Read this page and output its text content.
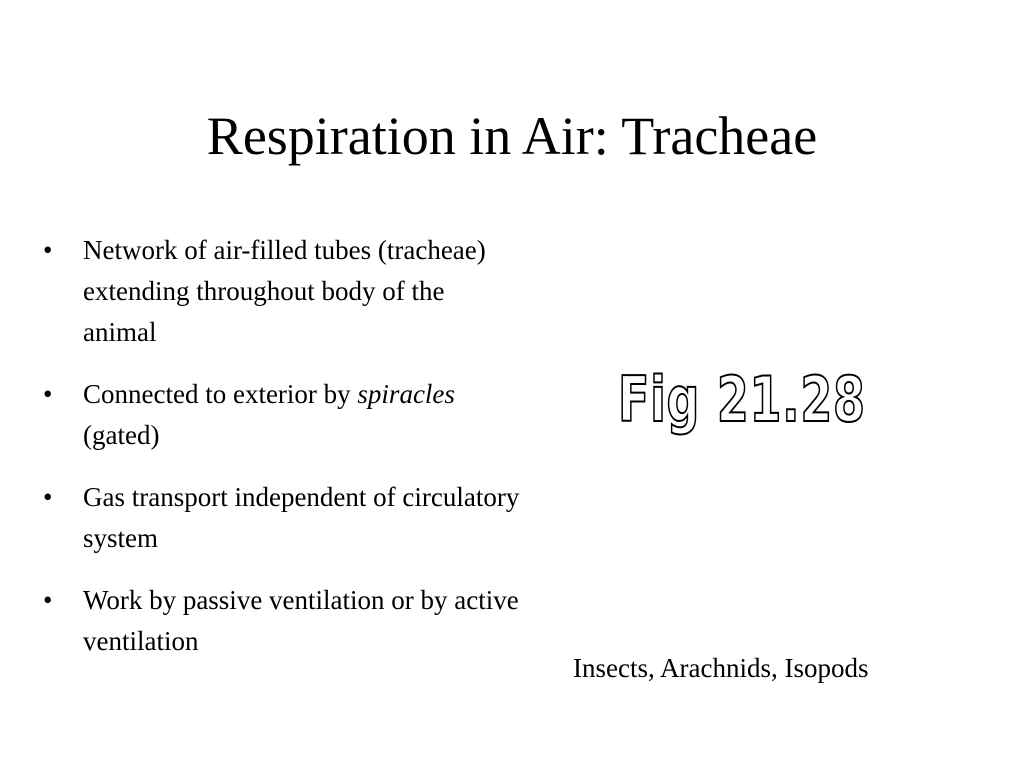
Respiration in Air: Tracheae
• Network of air-filled tubes (tracheae) extending throughout body of the animal
• Connected to exterior by spiracles (gated)
• Gas transport independent of circulatory system
• Work by passive ventilation or by active ventilation
Fig 21.28
Insects, Arachnids, Isopods
